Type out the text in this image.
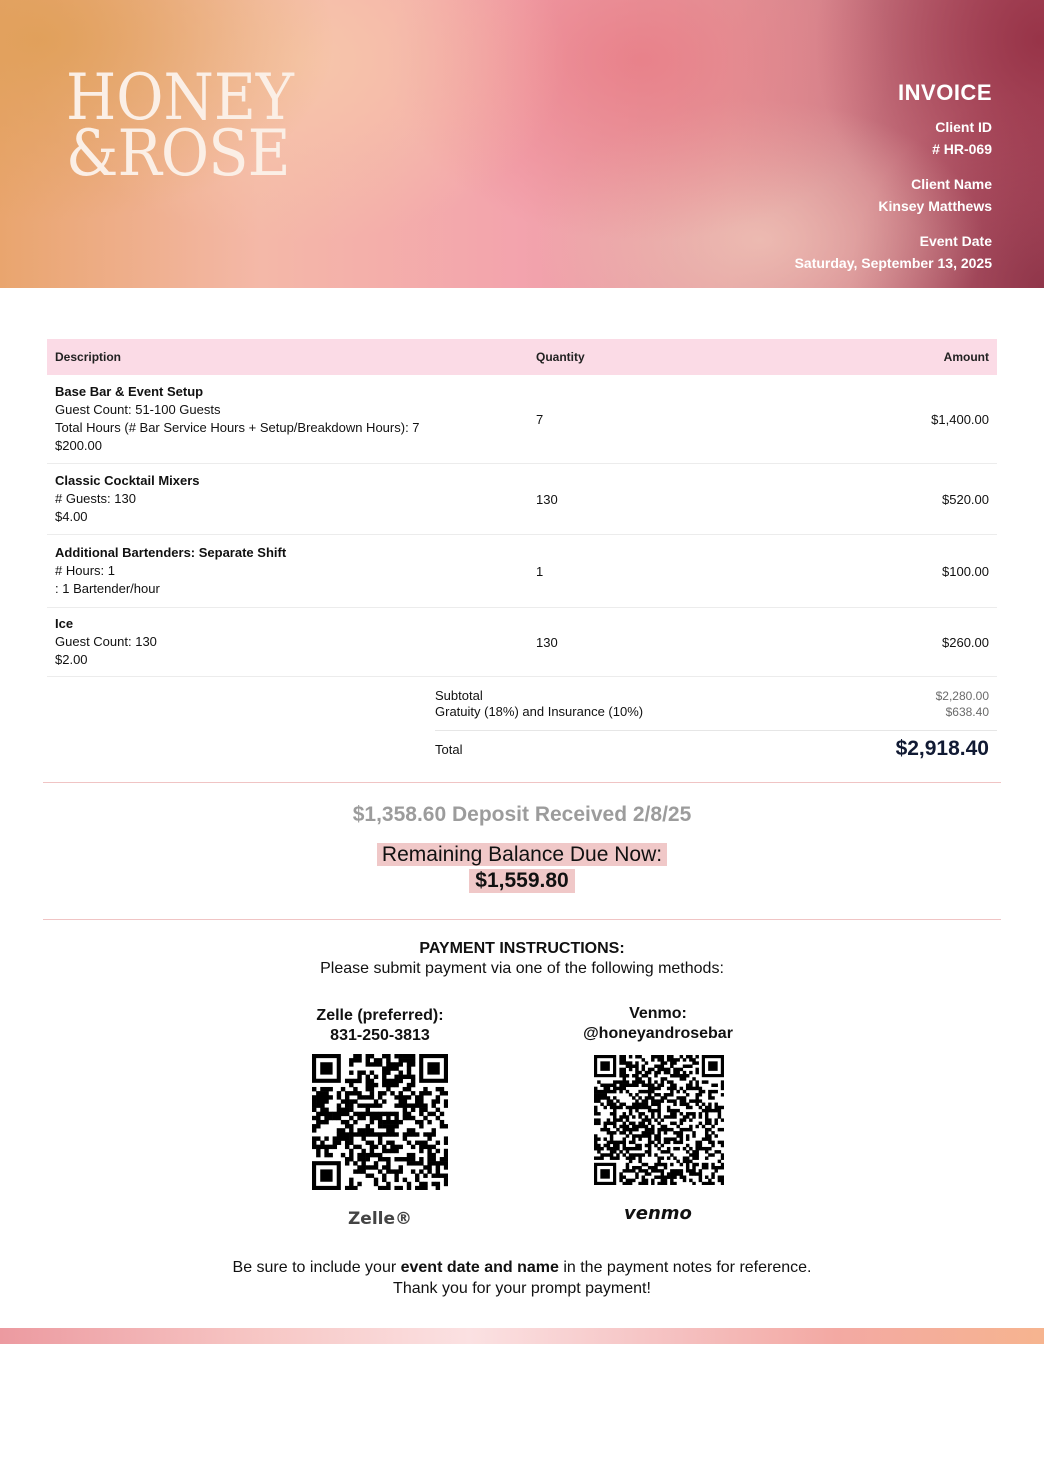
HONEY
&ROSE
INVOICE
Client ID
# HR-069
Client Name
Kinsey Matthews
Event Date
Saturday, September 13, 2025
Description	Quantity	Amount
Base Bar & Event Setup
Guest Count: 51-100 Guests
Total Hours (# Bar Service Hours + Setup/Breakdown Hours): 7
$200.00
7	$1,400.00
Classic Cocktail Mixers
# Guests: 130
$4.00
130	$520.00
Additional Bartenders: Separate Shift
# Hours: 1
: 1 Bartender/hour
1	$100.00
Ice
Guest Count: 130
$2.00
130	$260.00
Subtotal	$2,280.00
Gratuity (18%) and Insurance (10%)	$638.40
Total	$2,918.40
$1,358.60 Deposit Received 2/8/25
Remaining Balance Due Now:
$1,559.80
PAYMENT INSTRUCTIONS:
Please submit payment via one of the following methods:
Zelle (preferred):
831-250-3813
Zelle®
Venmo:
@honeyandrosebar
venmo
Be sure to include your event date and name in the payment notes for reference.
Thank you for your prompt payment!
